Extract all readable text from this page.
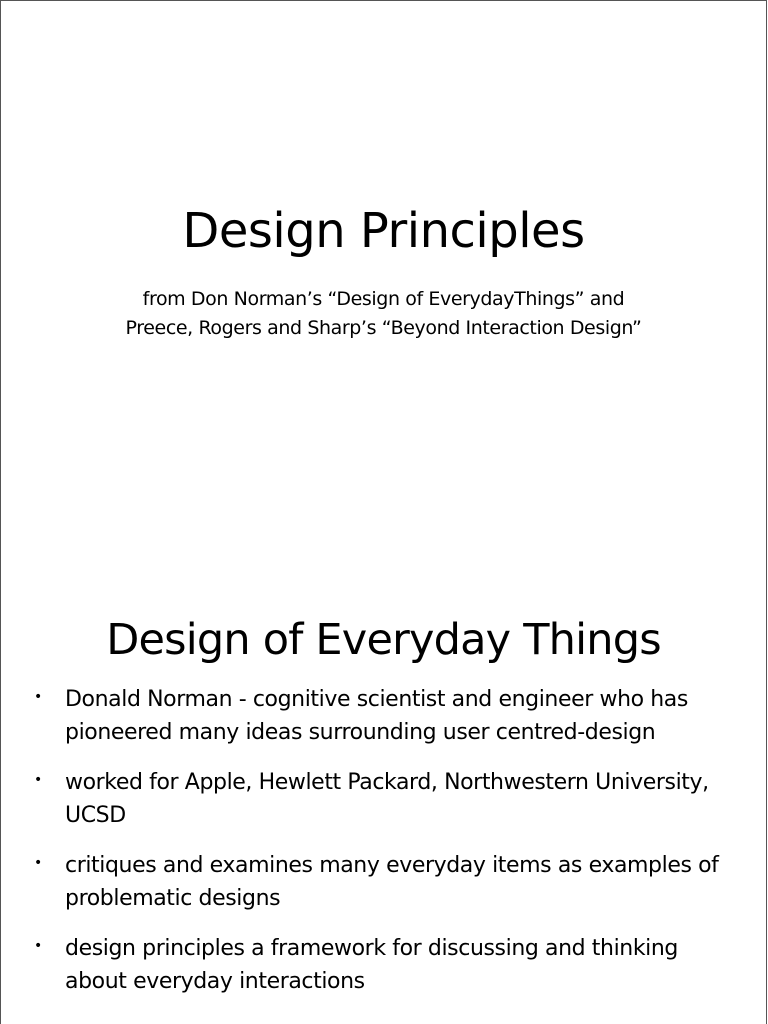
Design Principles
from Don Norman’s “Design of EverydayThings” and
Preece, Rogers and Sharp’s “Beyond Interaction Design”
Design of Everyday Things
• Donald Norman - cognitive scientist and engineer who has pioneered many ideas surrounding user centred-design
• worked for Apple, Hewlett Packard, Northwestern University, UCSD
• critiques and examines many everyday items as examples of problematic designs
• design principles a framework for discussing and thinking about everyday interactions
